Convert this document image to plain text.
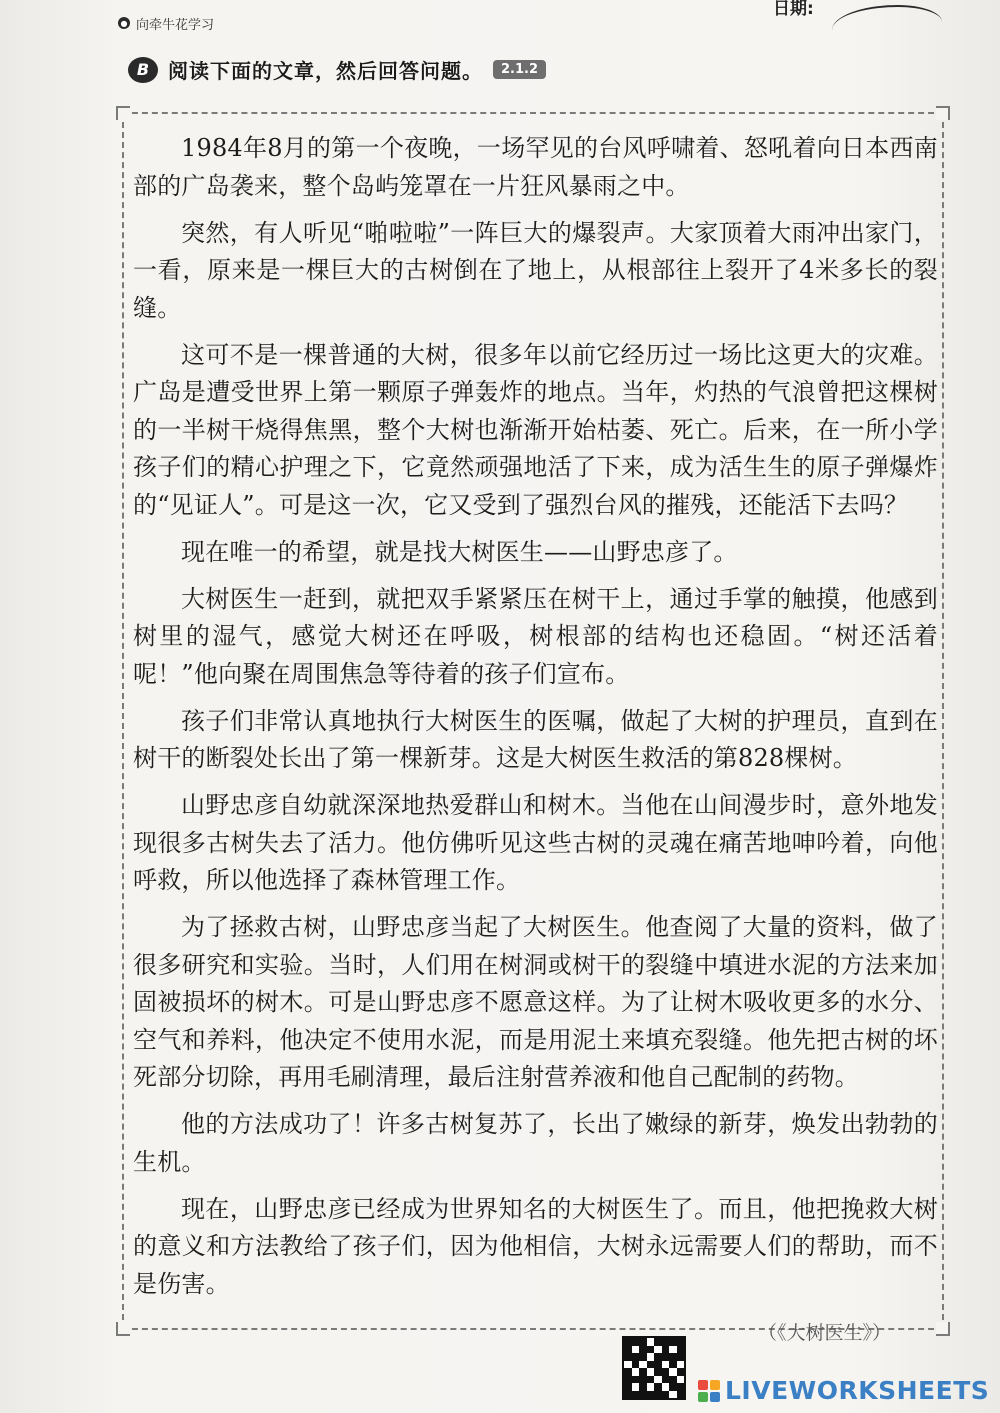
● 向牵牛花学习
日期:
B 阅读下面的文章，然后回答问题。	2.1.2

1984年8月的第一个夜晚，一场罕见的台风呼啸着、怒吼着向日本西南部的广岛袭来，整个岛屿笼罩在一片狂风暴雨之中。

突然，有人听见“啪啦啦”一阵巨大的爆裂声。大家顶着大雨冲出家门，一看，原来是一棵巨大的古树倒在了地上，从根部往上裂开了4米多长的裂缝。

这可不是一棵普通的大树，很多年以前它经历过一场比这更大的灾难。广岛是遭受世界上第一颗原子弹轰炸的地点。当年，灼热的气浪曾把这棵树的一半树干烧得焦黑，整个大树也渐渐开始枯萎、死亡。后来，在一所小学孩子们的精心护理之下，它竟然顽强地活了下来，成为活生生的原子弹爆炸的“见证人”。可是这一次，它又受到了强烈台风的摧残，还能活下去吗？

现在唯一的希望，就是找大树医生——山野忠彦了。

大树医生一赶到，就把双手紧紧压在树干上，通过手掌的触摸，他感到树里的湿气，感觉大树还在呼吸，树根部的结构也还稳固。“树还活着呢！”他向聚在周围焦急等待着的孩子们宣布。

孩子们非常认真地执行大树医生的医嘱，做起了大树的护理员，直到在树干的断裂处长出了第一棵新芽。这是大树医生救活的第828棵树。

山野忠彦自幼就深深地热爱群山和树木。当他在山间漫步时，意外地发现很多古树失去了活力。他仿佛听见这些古树的灵魂在痛苦地呻吟着，向他呼救，所以他选择了森林管理工作。

为了拯救古树，山野忠彦当起了大树医生。他查阅了大量的资料，做了很多研究和实验。当时，人们用在树洞或树干的裂缝中填进水泥的方法来加固被损坏的树木。可是山野忠彦不愿意这样。为了让树木吸收更多的水分、空气和养料，他决定不使用水泥，而是用泥土来填充裂缝。他先把古树的坏死部分切除，再用毛刷清理，最后注射营养液和他自己配制的药物。

他的方法成功了！许多古树复苏了，长出了嫩绿的新芽，焕发出勃勃的生机。

现在，山野忠彦已经成为世界知名的大树医生了。而且，他把挽救大树的意义和方法教给了孩子们，因为他相信，大树永远需要人们的帮助，而不是伤害。

（《大树医生》）
LIVEWORKSHEETS
